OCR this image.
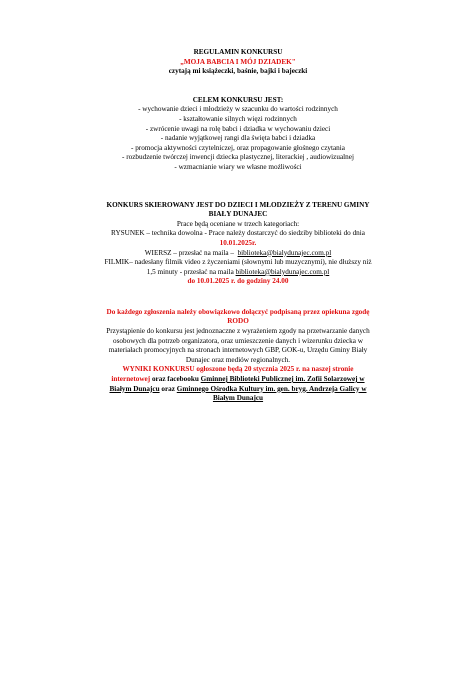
REGULAMIN KONKURSU
„MOJA BABCIA I MÓJ DZIADEK"
czytają mi książeczki, baśnie, bajki i bajeczki
CELEM KONKURSU JEST:
- wychowanie dzieci i młodzieży w szacunku do wartości rodzinnych
- kształtowanie silnych więzi rodzinnych
- zwrócenie uwagi na rolę babci i dziadka w wychowaniu dzieci
- nadanie wyjątkowej rangi dla święta babci i dziadka
- promocja aktywności czytelniczej, oraz propagowanie głośnego czytania
- rozbudzenie twórczej inwencji dziecka plastycznej, literackiej , audiowizualnej
- wzmacnianie wiary we własne możliwości
KONKURS SKIEROWANY JEST DO DZIECI I MŁODZIEŻY Z TERENU GMINY
BIAŁY DUNAJEC
Prace będą oceniane w trzech kategoriach:
RYSUNEK – technika dowolna - Prace należy dostarczyć do siedziby biblioteki do dnia
10.01.2025r.
WIERSZ – przesłać na maila – biblioteka@bialydunajec.com.pl
FILMIK– nadesłany filmik video z życzeniami (słownymi lub muzycznymi), nie dłuższy niż
1,5 minuty - przesłać na maila biblioteka@bialydunajec.com.pl
do 10.01.2025 r. do godziny 24.00
Do każdego zgłoszenia należy obowiązkowo dołączyć podpisaną przez opiekuna zgodę
RODO
Przystąpienie do konkursu jest jednoznaczne z wyrażeniem zgody na przetwarzanie danych
osobowych dla potrzeb organizatora, oraz umieszczenie danych i wizerunku dziecka w
materiałach promocyjnych na stronach internetowych GBP, GOK-u, Urzędu Gminy Biały
Dunajec oraz mediów regionalnych.
WYNIKI KONKURSU ogłoszone będą 20 stycznia 2025 r. na naszej stronie
internetowej oraz facebooku Gminnej Biblioteki Publicznej im. Zofii Solarzowej w
Białym Dunajcu oraz Gminnego Ośrodka Kultury im. gen. bryg. Andrzeja Galicy w
Białym Dunajcu
